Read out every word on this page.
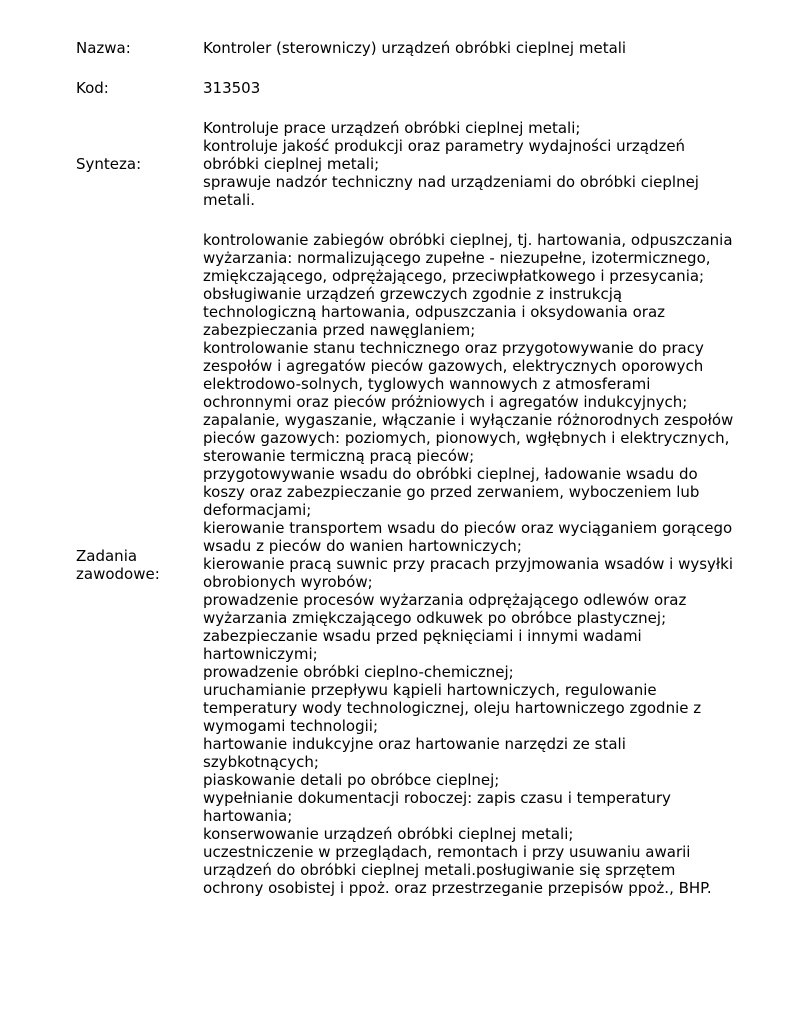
Nazwa:	Kontroler (sterowniczy) urządzeń obróbki cieplnej metali
Kod:	313503
Synteza:
Kontroluje prace urządzeń obróbki cieplnej metali;
kontroluje jakość produkcji oraz parametry wydajności urządzeń
obróbki cieplnej metali;
sprawuje nadzór techniczny nad urządzeniami do obróbki cieplnej
metali.
Zadania
zawodowe:
kontrolowanie zabiegów obróbki cieplnej, tj. hartowania, odpuszczania
wyżarzania: normalizującego zupełne - niezupełne, izotermicznego,
zmiękczającego, odprężającego, przeciwpłatkowego i przesycania;
obsługiwanie urządzeń grzewczych zgodnie z instrukcją
technologiczną hartowania, odpuszczania i oksydowania oraz
zabezpieczania przed nawęglaniem;
kontrolowanie stanu technicznego oraz przygotowywanie do pracy
zespołów i agregatów pieców gazowych, elektrycznych oporowych
elektrodowo-solnych, tyglowych wannowych z atmosferami
ochronnymi oraz pieców próżniowych i agregatów indukcyjnych;
zapalanie, wygaszanie, włączanie i wyłączanie różnorodnych zespołów
pieców gazowych: poziomych, pionowych, wgłębnych i elektrycznych,
sterowanie termiczną pracą pieców;
przygotowywanie wsadu do obróbki cieplnej, ładowanie wsadu do
koszy oraz zabezpieczanie go przed zerwaniem, wyboczeniem lub
deformacjami;
kierowanie transportem wsadu do pieców oraz wyciąganiem gorącego
wsadu z pieców do wanien hartowniczych;
kierowanie pracą suwnic przy pracach przyjmowania wsadów i wysyłki
obrobionych wyrobów;
prowadzenie procesów wyżarzania odprężającego odlewów oraz
wyżarzania zmiękczającego odkuwek po obróbce plastycznej;
zabezpieczanie wsadu przed pęknięciami i innymi wadami
hartowniczymi;
prowadzenie obróbki cieplno-chemicznej;
uruchamianie przepływu kąpieli hartowniczych, regulowanie
temperatury wody technologicznej, oleju hartowniczego zgodnie z
wymogami technologii;
hartowanie indukcyjne oraz hartowanie narzędzi ze stali
szybkotnących;
piaskowanie detali po obróbce cieplnej;
wypełnianie dokumentacji roboczej: zapis czasu i temperatury
hartowania;
konserwowanie urządzeń obróbki cieplnej metali;
uczestniczenie w przeglądach, remontach i przy usuwaniu awarii
urządzeń do obróbki cieplnej metali.posługiwanie się sprzętem
ochrony osobistej i ppoż. oraz przestrzeganie przepisów ppoż., BHP.
